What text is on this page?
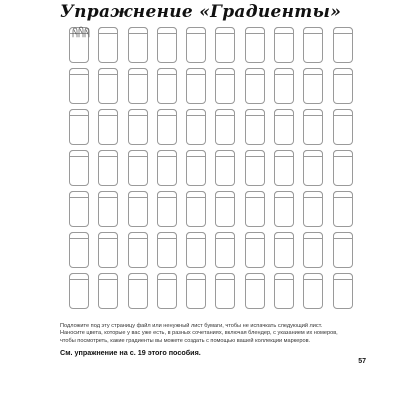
Упражнение «Градиенты»

Подложите под эту страницу файл или ненужный лист бумаги, чтобы не испачкать следующий лист.

Наносите цвета, которые у вас уже есть, в разных сочетаниях, включая блендер, с указанием их номеров,

чтобы посмотреть, какие градиенты вы можете создать с помощью вашей коллекции маркеров.

См. упражнение на с. 19 этого пособия.
57
